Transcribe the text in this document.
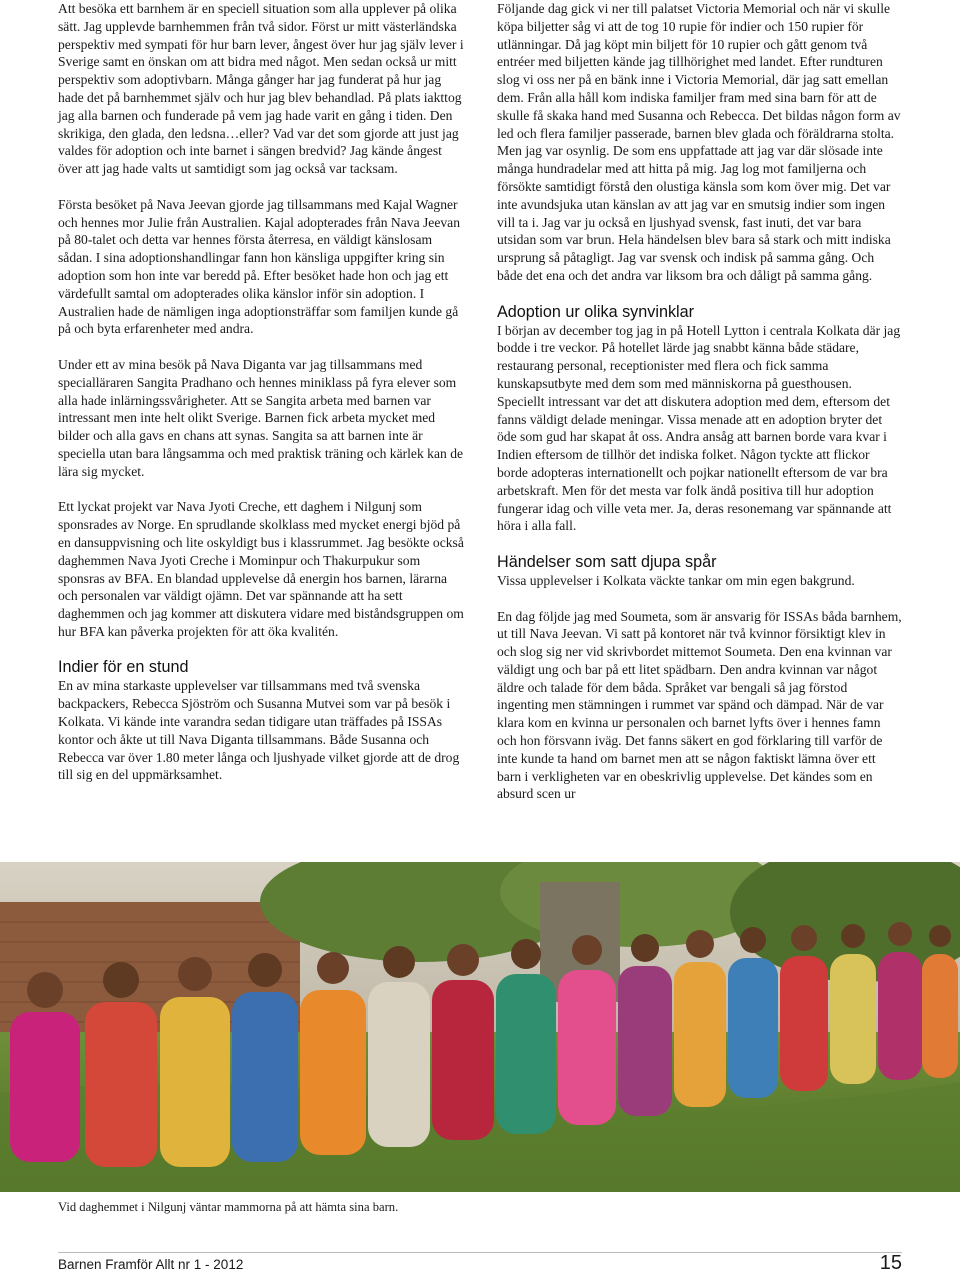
Att besöka ett barnhem är en speciell situation som alla upplever på olika sätt. Jag upplevde barnhemmen från två sidor. Först ur mitt västerländska perspektiv med sympati för hur barn lever, ångest över hur jag själv lever i Sverige samt en önskan om att bidra med något. Men sedan också ur mitt perspektiv som adoptivbarn. Många gånger har jag funderat på hur jag hade det på barnhemmet själv och hur jag blev behandlad. På plats iakttog jag alla barnen och funderade på vem jag hade varit en gång i tiden. Den skrikiga, den glada, den ledsna…eller? Vad var det som gjorde att just jag valdes för adoption och inte barnet i sängen bredvid? Jag kände ångest över att jag hade valts ut samtidigt som jag också var tacksam.

Första besöket på Nava Jeevan gjorde jag tillsammans med Kajal Wagner och hennes mor Julie från Australien. Kajal adopterades från Nava Jeevan på 80-talet och detta var hennes första återresa, en väldigt känslosam sådan. I sina adoptionshandlingar fann hon känsliga uppgifter kring sin adoption som hon inte var beredd på. Efter besöket hade hon och jag ett värdefullt samtal om adopterades olika känslor inför sin adoption. I Australien hade de nämligen inga adoptionsträffar som familjen kunde gå på och byta erfarenheter med andra.

Under ett av mina besök på Nava Diganta var jag tillsammans med specialläraren Sangita Pradhano och hennes miniklass på fyra elever som alla hade inlärningssvårigheter. Att se Sangita arbeta med barnen var intressant men inte helt olikt Sverige. Barnen fick arbeta mycket med bilder och alla gavs en chans att synas. Sangita sa att barnen inte är speciella utan bara långsamma och med praktisk träning och kärlek kan de lära sig mycket.

Ett lyckat projekt var Nava Jyoti Creche, ett daghem i Nilgunj som sponsrades av Norge. En sprudlande skolklass med mycket energi bjöd på en dansuppvisning och lite oskyldigt bus i klassrummet. Jag besökte också daghemmen Nava Jyoti Creche i Mominpur och Thakurpukur som sponsras av BFA. En blandad upplevelse då energin hos barnen, lärarna och personalen var väldigt ojämn. Det var spännande att ha sett daghemmen och jag kommer att diskutera vidare med biståndsgruppen om hur BFA kan påverka projekten för att öka kvalitén.

Indier för en stund

En av mina starkaste upplevelser var tillsammans med två svenska backpackers, Rebecca Sjöström och Susanna Mutvei som var på besök i Kolkata. Vi kände inte varandra sedan tidigare utan träffades på ISSAs kontor och åkte ut till Nava Diganta tillsammans. Både Susanna och Rebecca var över 1.80 meter långa och ljushyade vilket gjorde att de drog till sig en del uppmärksamhet.

Följande dag gick vi ner till palatset Victoria Memorial och när vi skulle köpa biljetter såg vi att de tog 10 rupie för indier och 150 rupier för utlänningar. Då jag köpt min biljett för 10 rupier och gått genom två entréer med biljetten kände jag tillhörighet med landet. Efter rundturen slog vi oss ner på en bänk inne i Victoria Memorial, där jag satt emellan dem. Från alla håll kom indiska familjer fram med sina barn för att de skulle få skaka hand med Susanna och Rebecca. Det bildas någon form av led och flera familjer passerade, barnen blev glada och föräldrarna stolta. Men jag var osynlig. De som ens uppfattade att jag var där slösade inte många hundradelar med att hitta på mig. Jag log mot familjerna och försökte samtidigt förstå den olustiga känsla som kom över mig. Det var inte avundsjuka utan känslan av att jag var en smutsig indier som ingen vill ta i. Jag var ju också en ljushyad svensk, fast inuti, det var bara utsidan som var brun. Hela händelsen blev bara så stark och mitt indiska ursprung så påtagligt. Jag var svensk och indisk på samma gång. Och både det ena och det andra var liksom bra och dåligt på samma gång.

Adoption ur olika synvinklar

I början av december tog jag in på Hotell Lytton i centrala Kolkata där jag bodde i tre veckor. På hotellet lärde jag snabbt känna både städare, restaurang personal, receptionister med flera och fick samma kunskapsutbyte med dem som med människorna på guesthousen. Speciellt intressant var det att diskutera adoption med dem, eftersom det fanns väldigt delade meningar. Vissa menade att en adoption bryter det öde som gud har skapat åt oss. Andra ansåg att barnen borde vara kvar i Indien eftersom de tillhör det indiska folket. Någon tyckte att flickor borde adopteras internationellt och pojkar nationellt eftersom de var bra arbetskraft. Men för det mesta var folk ändå positiva till hur adoption fungerar idag och ville veta mer. Ja, deras resonemang var spännande att höra i alla fall.

Händelser som satt djupa spår

Vissa upplevelser i Kolkata väckte tankar om min egen bakgrund.

En dag följde jag med Soumeta, som är ansvarig för ISSAs båda barnhem, ut till Nava Jeevan. Vi satt på kontoret när två kvinnor försiktigt klev in och slog sig ner vid skrivbordet mittemot Soumeta. Den ena kvinnan var väldigt ung och bar på ett litet spädbarn. Den andra kvinnan var något äldre och talade för dem båda. Språket var bengali så jag förstod ingenting men stämningen i rummet var spänd och dämpad. När de var klara kom en kvinna ur personalen och barnet lyfts över i hennes famn och hon försvann iväg. Det fanns säkert en god förklaring till varför de inte kunde ta hand om barnet men att se någon faktiskt lämna över ett barn i verkligheten var en obeskrivlig upplevelse. Det kändes som en absurd scen ur

Vid daghemmet i Nilgunj väntar mammorna på att hämta sina barn.
Barnen Framför Allt nr 1 - 2012	15
